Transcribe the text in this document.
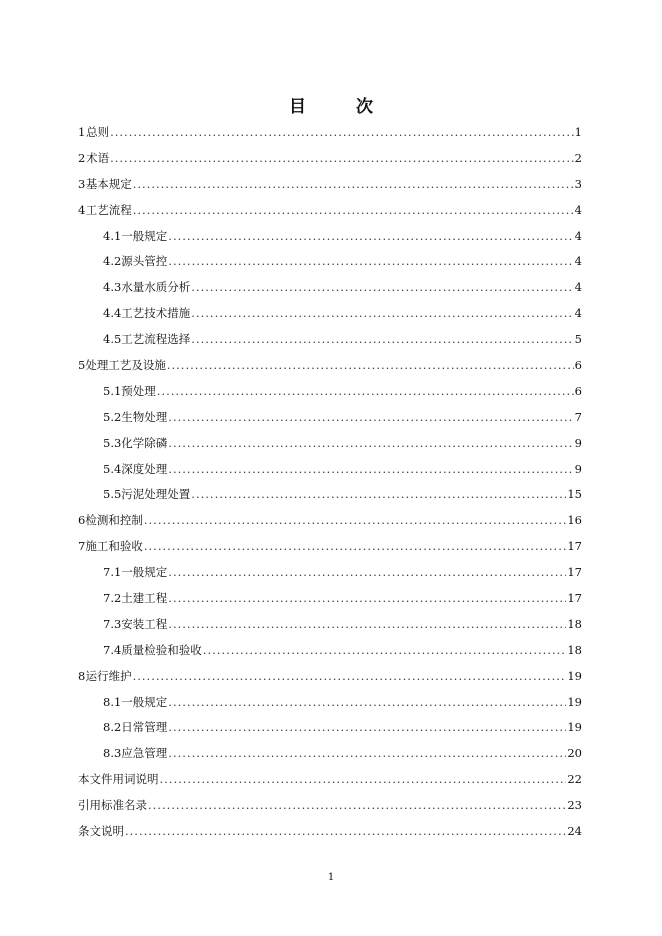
目 次
1 总则 .....	1
2 术语 .....	2
3 基本规定 .....	3
4 工艺流程 .....	4
4.1 一般规定 .....	4
4.2 源头管控 .....	4
4.3 水量水质分析 .....	4
4.4 工艺技术措施 .....	4
4.5 工艺流程选择 .....	5
5 处理工艺及设施 .....	6
5.1 预处理 .....	6
5.2 生物处理 .....	7
5.3 化学除磷 .....	9
5.4 深度处理 .....	9
5.5 污泥处理处置 .....	15
6 检测和控制 .....	16
7 施工和验收 .....	17
7.1 一般规定 .....	17
7.2 土建工程 .....	17
7.3 安装工程 .....	18
7.4 质量检验和验收 .....	18
8 运行维护 .....	19
8.1 一般规定 .....	19
8.2 日常管理 .....	19
8.3 应急管理 .....	20
本文件用词说明 .....	22
引用标准名录 .....	23
条文说明 .....	24
1
